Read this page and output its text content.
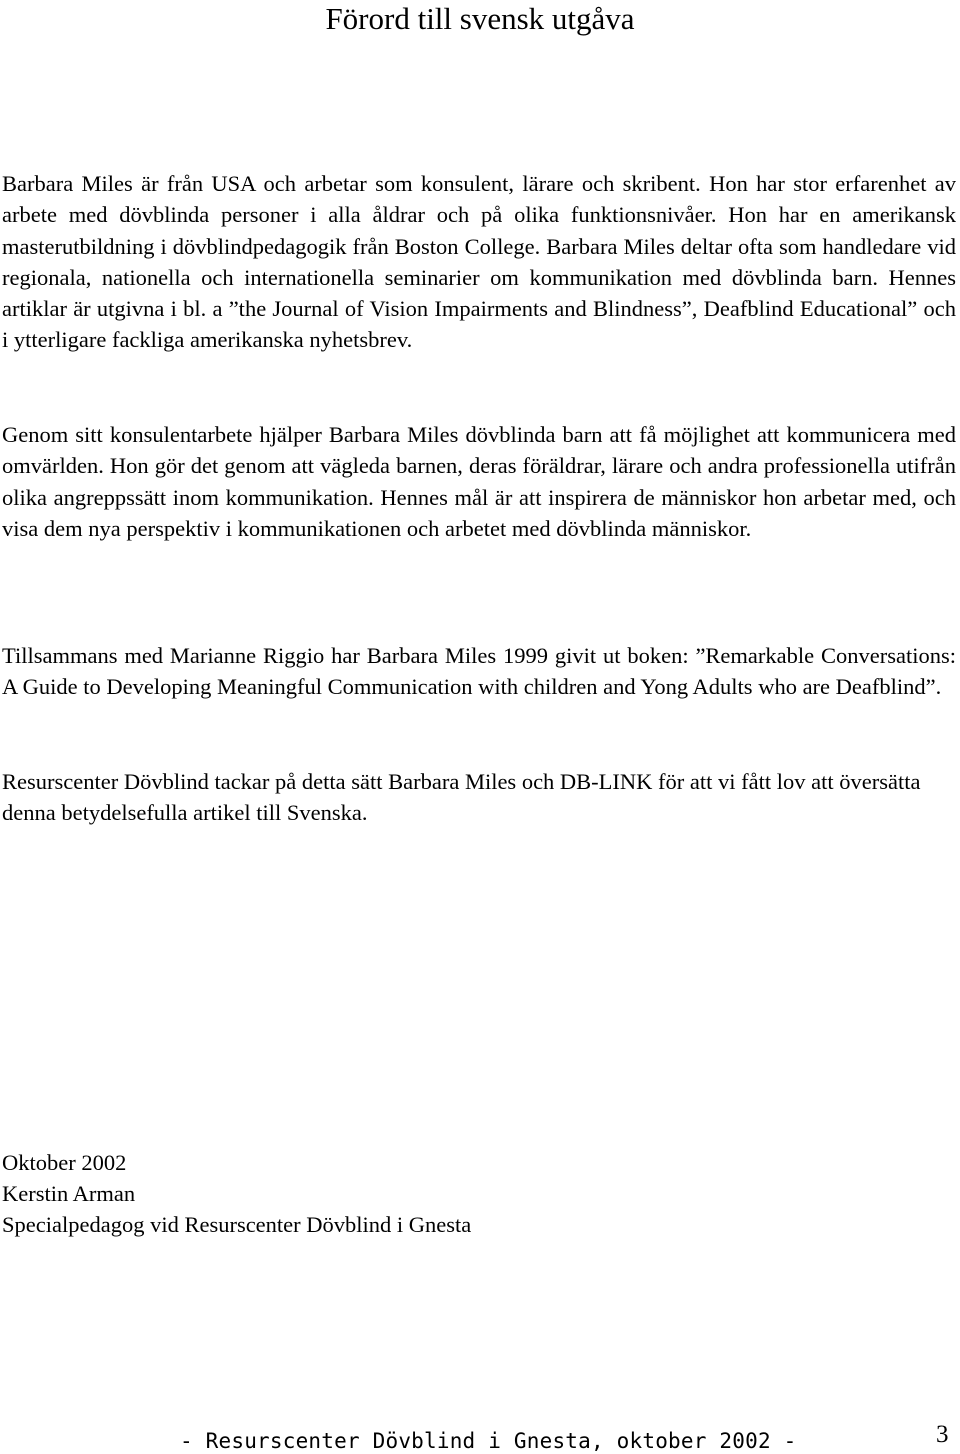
Förord till svensk utgåva

Barbara Miles är från USA och arbetar som konsulent, lärare och skribent. Hon har stor erfarenhet av arbete med dövblinda personer i alla åldrar och på olika funktionsnivåer. Hon har en amerikansk masterutbildning i dövblindpedagogik från Boston College. Barbara Miles deltar ofta som handledare vid regionala, nationella och internationella seminarier om kommunikation med dövblinda barn. Hennes artiklar är utgivna i bl. a ”the Journal of Vision Impairments and Blindness”, Deafblind Educational” och i ytterligare fackliga amerikanska nyhetsbrev.

Genom sitt konsulentarbete hjälper Barbara Miles dövblinda barn att få möjlighet att kommunicera med omvärlden. Hon gör det genom att vägleda barnen, deras föräldrar, lärare och andra professionella utifrån olika angreppssätt inom kommunikation. Hennes mål är att inspirera de människor hon arbetar med, och visa dem nya perspektiv i kommunikationen och arbetet med dövblinda människor.

Tillsammans med Marianne Riggio har Barbara Miles 1999 givit ut boken: ”Remarkable Conversations: A Guide to Developing Meaningful Communication with children and Yong Adults who are Deafblind”.

Resurscenter Dövblind tackar på detta sätt Barbara Miles och DB-LINK för att vi fått lov att översätta denna betydelsefulla artikel till Svenska.

Oktober 2002

Kerstin Arman

Specialpedagog vid Resurscenter Dövblind i Gnesta

- Resurscenter Dövblind i Gnesta, oktober 2002 -	3
